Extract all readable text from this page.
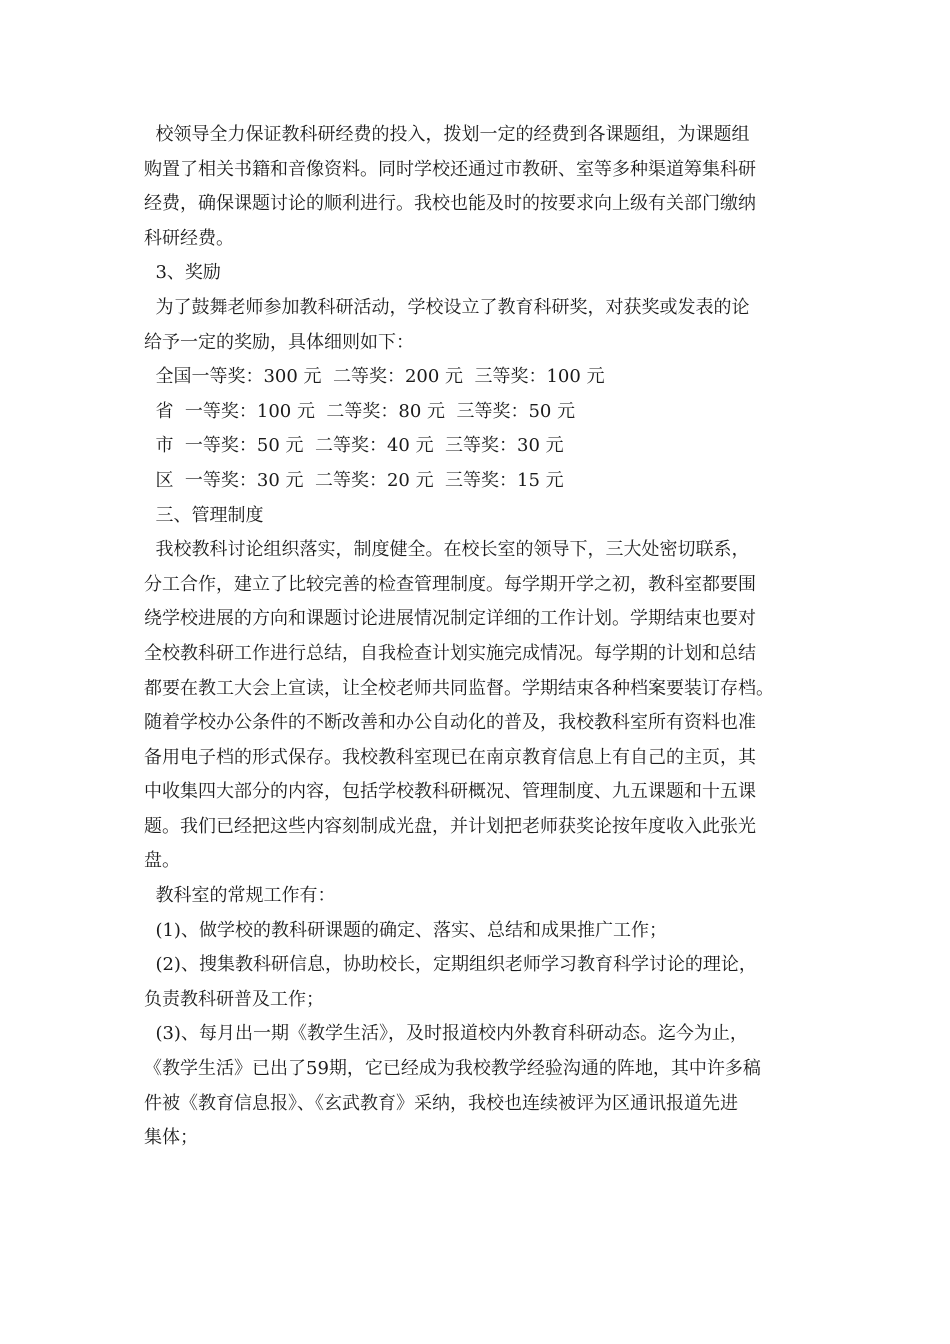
校领导全力保证教科研经费的投入，拨划一定的经费到各课题组，为课题组
购置了相关书籍和音像资料。同时学校还通过市教研、室等多种渠道筹集科研
经费，确保课题讨论的顺利进行。我校也能及时的按要求向上级有关部门缴纳
科研经费。
3、奖励
为了鼓舞老师参加教科研活动，学校设立了教育科研奖，对获奖或发表的论
给予一定的奖励，具体细则如下：
全国一等奖：300 元  二等奖：200 元  三等奖：100 元
省  一等奖：100 元  二等奖：80 元  三等奖：50 元
市  一等奖：50 元  二等奖：40 元  三等奖：30 元
区  一等奖：30 元  二等奖：20 元  三等奖：15 元
三、管理制度
我校教科讨论组织落实，制度健全。在校长室的领导下，三大处密切联系，
分工合作，建立了比较完善的检查管理制度。每学期开学之初，教科室都要围
绕学校进展的方向和课题讨论进展情况制定详细的工作计划。学期结束也要对
全校教科研工作进行总结，自我检查计划实施完成情况。每学期的计划和总结
都要在教工大会上宣读，让全校老师共同监督。学期结束各种档案要装订存档。
随着学校办公条件的不断改善和办公自动化的普及，我校教科室所有资料也准
备用电子档的形式保存。我校教科室现已在南京教育信息上有自己的主页，其
中收集四大部分的内容，包括学校教科研概况、管理制度、九五课题和十五课
题。我们已经把这些内容刻制成光盘，并计划把老师获奖论按年度收入此张光
盘。
教科室的常规工作有：
(1)、做学校的教科研课题的确定、落实、总结和成果推广工作；
(2)、搜集教科研信息，协助校长，定期组织老师学习教育科学讨论的理论，
负责教科研普及工作；
(3)、每月出一期《教学生活》，及时报道校内外教育科研动态。迄今为止，
《教学生活》已出了59期，它已经成为我校教学经验沟通的阵地，其中许多稿
件被《教育信息报》、《玄武教育》采纳，我校也连续被评为区通讯报道先进
集体；
